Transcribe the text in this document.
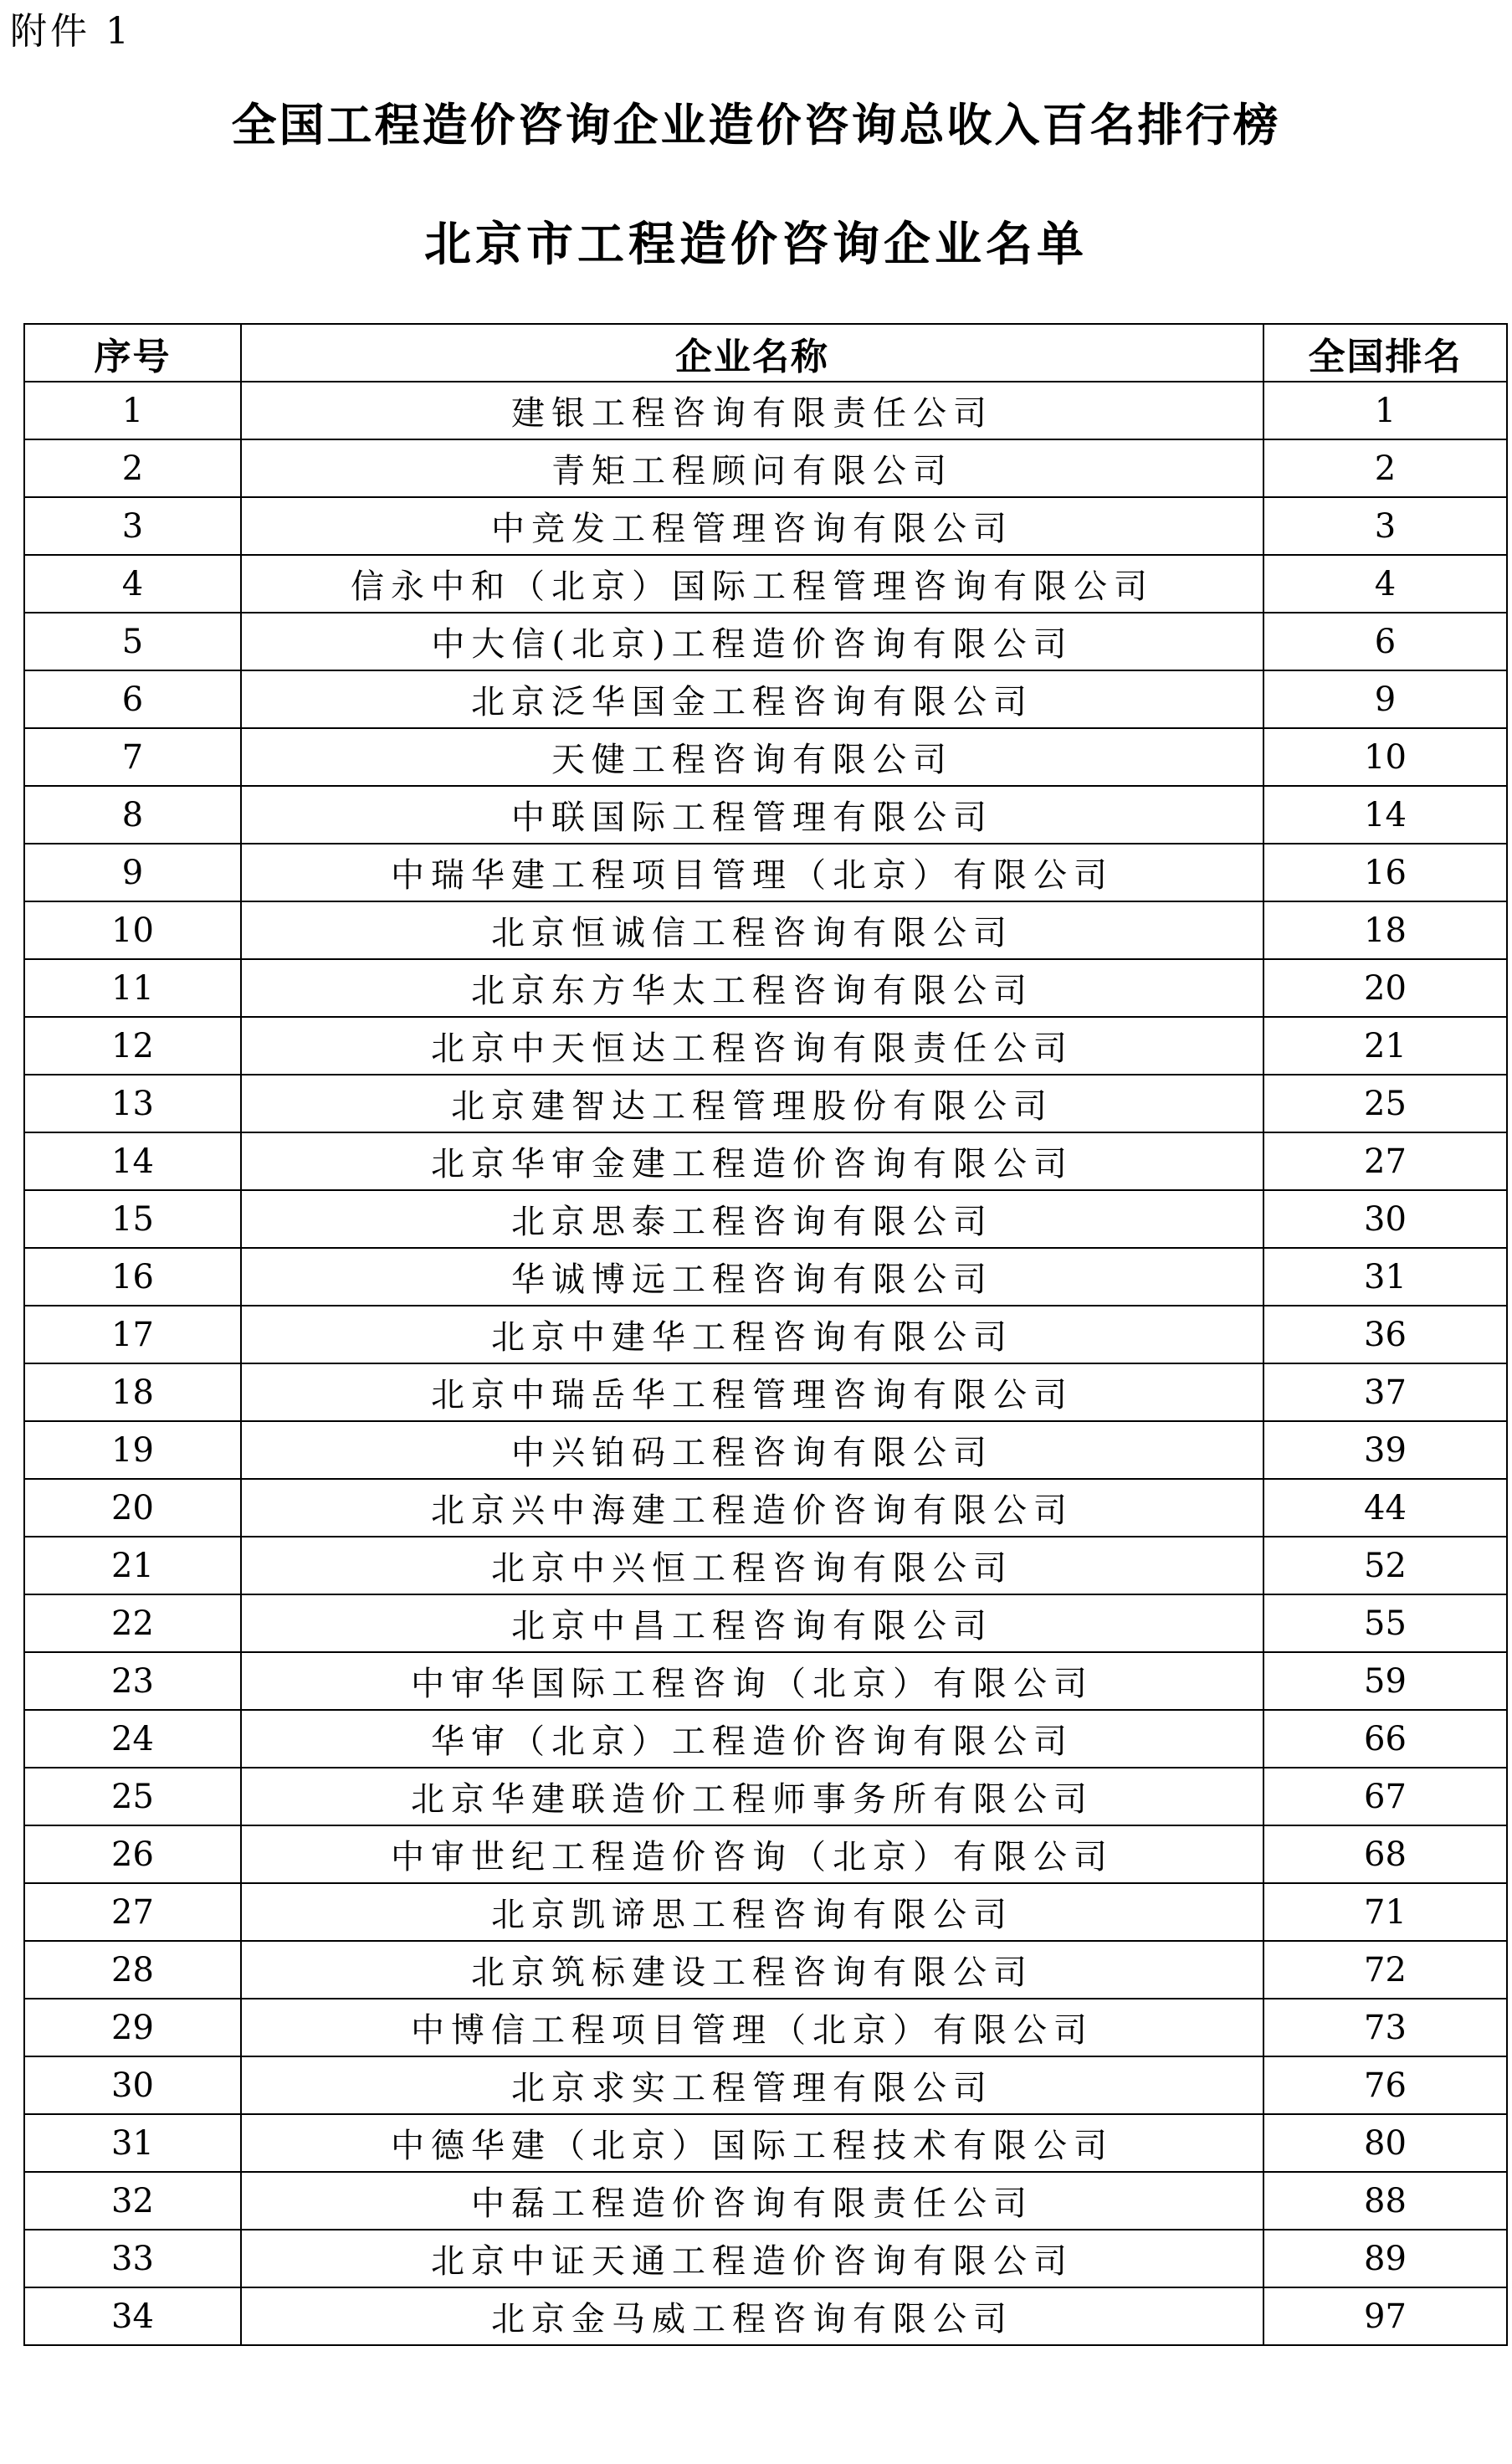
附件 1
全国工程造价咨询企业造价咨询总收入百名排行榜
北京市工程造价咨询企业名单
序号	企业名称	全国排名
1	建银工程咨询有限责任公司	1
2	青矩工程顾问有限公司	2
3	中竞发工程管理咨询有限公司	3
4	信永中和（北京）国际工程管理咨询有限公司	4
5	中大信(北京)工程造价咨询有限公司	6
6	北京泛华国金工程咨询有限公司	9
7	天健工程咨询有限公司	10
8	中联国际工程管理有限公司	14
9	中瑞华建工程项目管理（北京）有限公司	16
10	北京恒诚信工程咨询有限公司	18
11	北京东方华太工程咨询有限公司	20
12	北京中天恒达工程咨询有限责任公司	21
13	北京建智达工程管理股份有限公司	25
14	北京华审金建工程造价咨询有限公司	27
15	北京思泰工程咨询有限公司	30
16	华诚博远工程咨询有限公司	31
17	北京中建华工程咨询有限公司	36
18	北京中瑞岳华工程管理咨询有限公司	37
19	中兴铂码工程咨询有限公司	39
20	北京兴中海建工程造价咨询有限公司	44
21	北京中兴恒工程咨询有限公司	52
22	北京中昌工程咨询有限公司	55
23	中审华国际工程咨询（北京）有限公司	59
24	华审（北京）工程造价咨询有限公司	66
25	北京华建联造价工程师事务所有限公司	67
26	中审世纪工程造价咨询（北京）有限公司	68
27	北京凯谛思工程咨询有限公司	71
28	北京筑标建设工程咨询有限公司	72
29	中博信工程项目管理（北京）有限公司	73
30	北京求实工程管理有限公司	76
31	中德华建（北京）国际工程技术有限公司	80
32	中磊工程造价咨询有限责任公司	88
33	北京中证天通工程造价咨询有限公司	89
34	北京金马威工程咨询有限公司	97
